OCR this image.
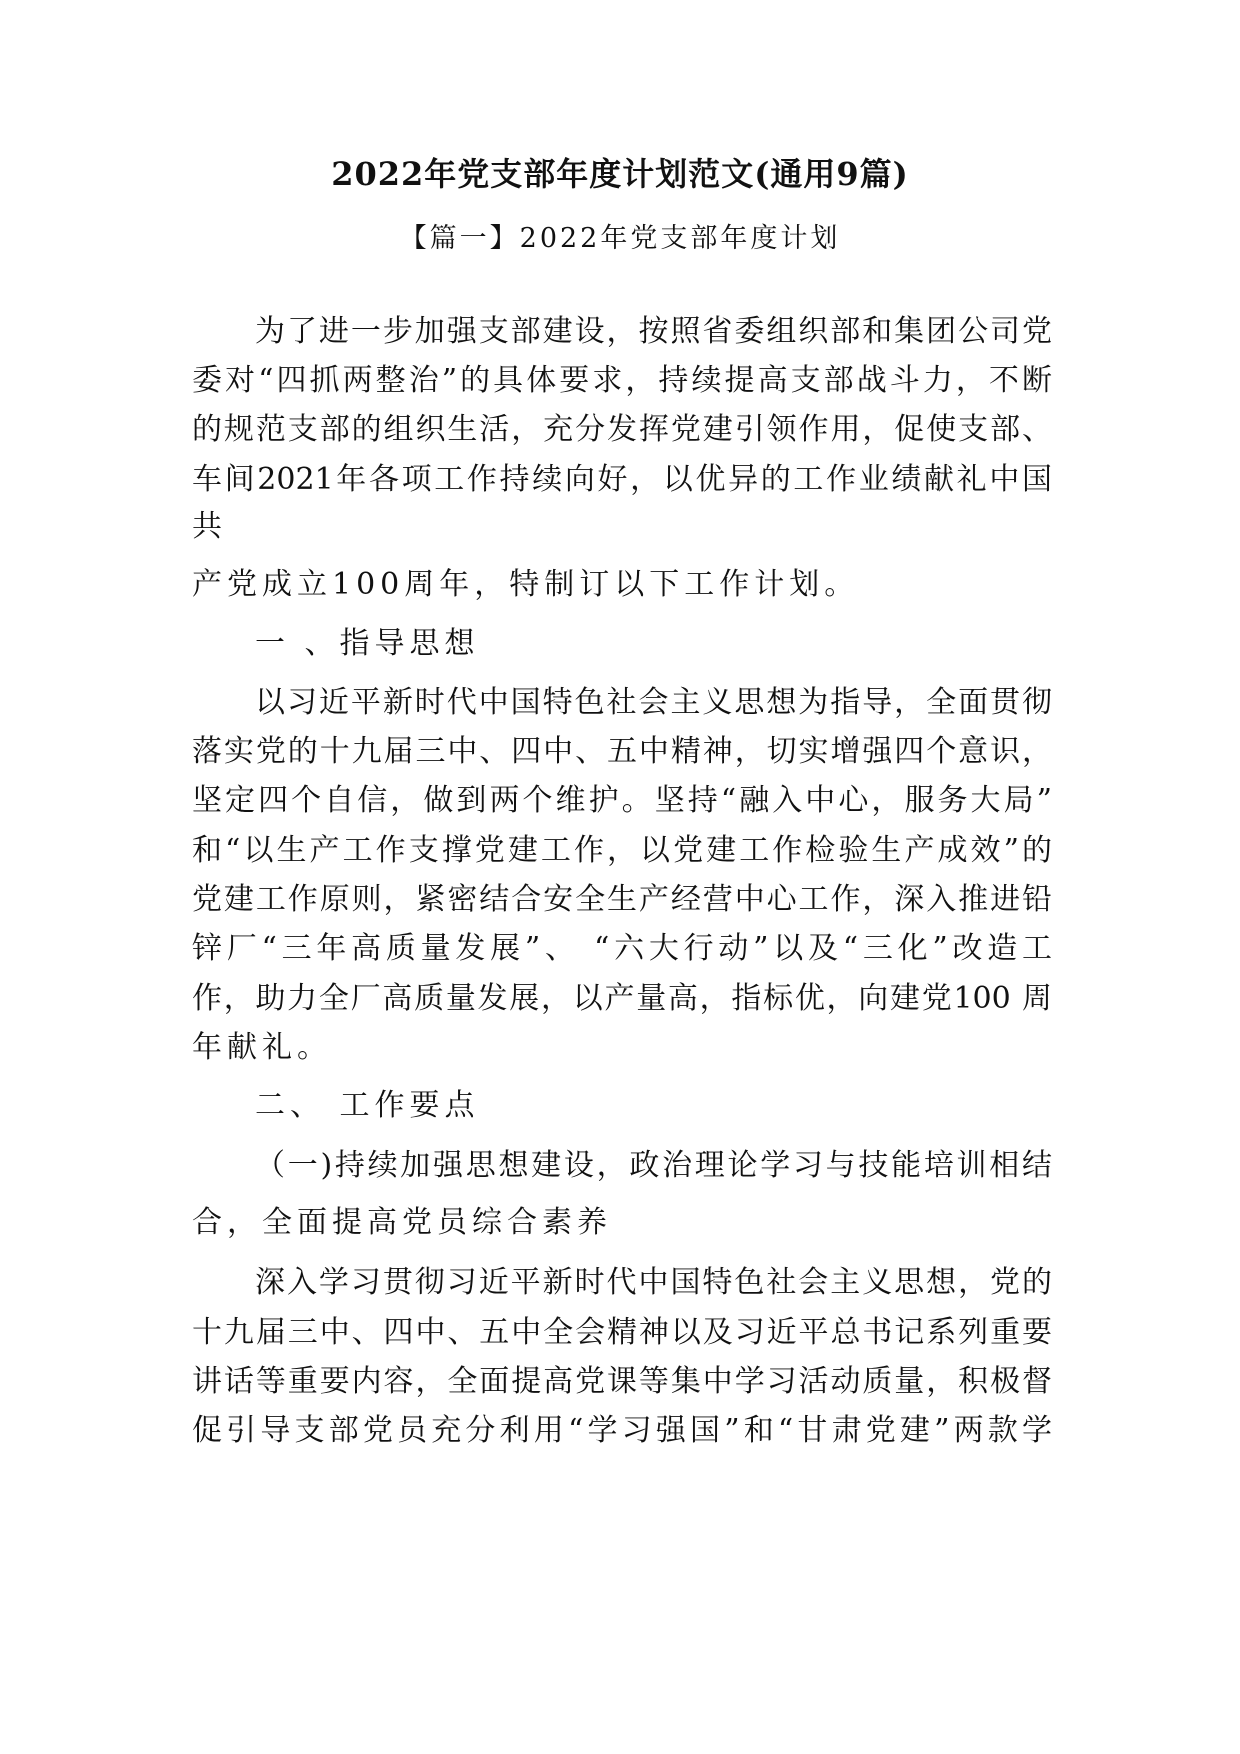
2022年党支部年度计划范文(通用9篇)
【篇一】2022年党支部年度计划
为了进一步加强支部建设，按照省委组织部和集团公司党
委对“四抓两整治”的具体要求，持续提高支部战斗力，不断
的规范支部的组织生活，充分发挥党建引领作用，促使支部、
车间2021年各项工作持续向好，以优异的工作业绩献礼中国
共
产党成立100周年，特制订以下工作计划。
一 、指导思想
以习近平新时代中国特色社会主义思想为指导，全面贯彻
落实党的十九届三中、四中、五中精神，切实增强四个意识，
坚定四个自信，做到两个维护。坚持“融入中心，服务大局”
和“以生产工作支撑党建工作，以党建工作检验生产成效”的
党建工作原则，紧密结合安全生产经营中心工作，深入推进铅
锌厂“三年高质量发展”、 “六大行动”以及“三化”改造工
作，助力全厂高质量发展，以产量高，指标优，向建党100 周
年献礼。
二、 工作要点
（一)持续加强思想建设，政治理论学习与技能培训相结
合，全面提高党员综合素养
深入学习贯彻习近平新时代中国特色社会主义思想，党的
十九届三中、四中、五中全会精神以及习近平总书记系列重要
讲话等重要内容，全面提高党课等集中学习活动质量，积极督
促引导支部党员充分利用“学习强国”和“甘肃党建”两款学
